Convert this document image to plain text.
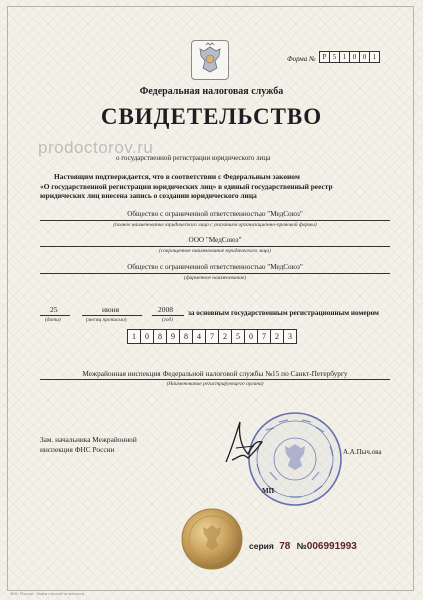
Форма № Р 5 1 0 0 1
Федеральная налоговая служба
СВИДЕТЕЛЬСТВО
prodoctorov.ru
о государственной регистрации юридического лица
Настоящим подтверждается, что в соответствии с Федеральным законом
«О государственной регистрации юридических лиц» в единый государственный реестр
юридических лиц внесена запись о создании юридического лица
Общество с ограниченной ответственностью "МедСоюз"
(полное наименование юридического лица с указанием организационно-правовой формы)
ООО "МедСоюз"
(сокращенное наименование юридического лица)
Общество с ограниченной ответственностью "МедСоюз"
(фирменное наименование)
25
(дата)
июня
(месяц прописью)
2008
(год)
за основным государственным регистрационным номером
1	0	8	9	8	4	7	2	5	0	7	2	3
Межрайонная инспекция Федеральной налоговой службы №15 по Санкт-Петербургу
(Наименование регистрирующего органа)
Зам. начальника Межрайонной
инспекция ФНС России	А.А.Пыч.ова
МП
серия 78 №006991993
ФНС России · бланк строгой отчетности
